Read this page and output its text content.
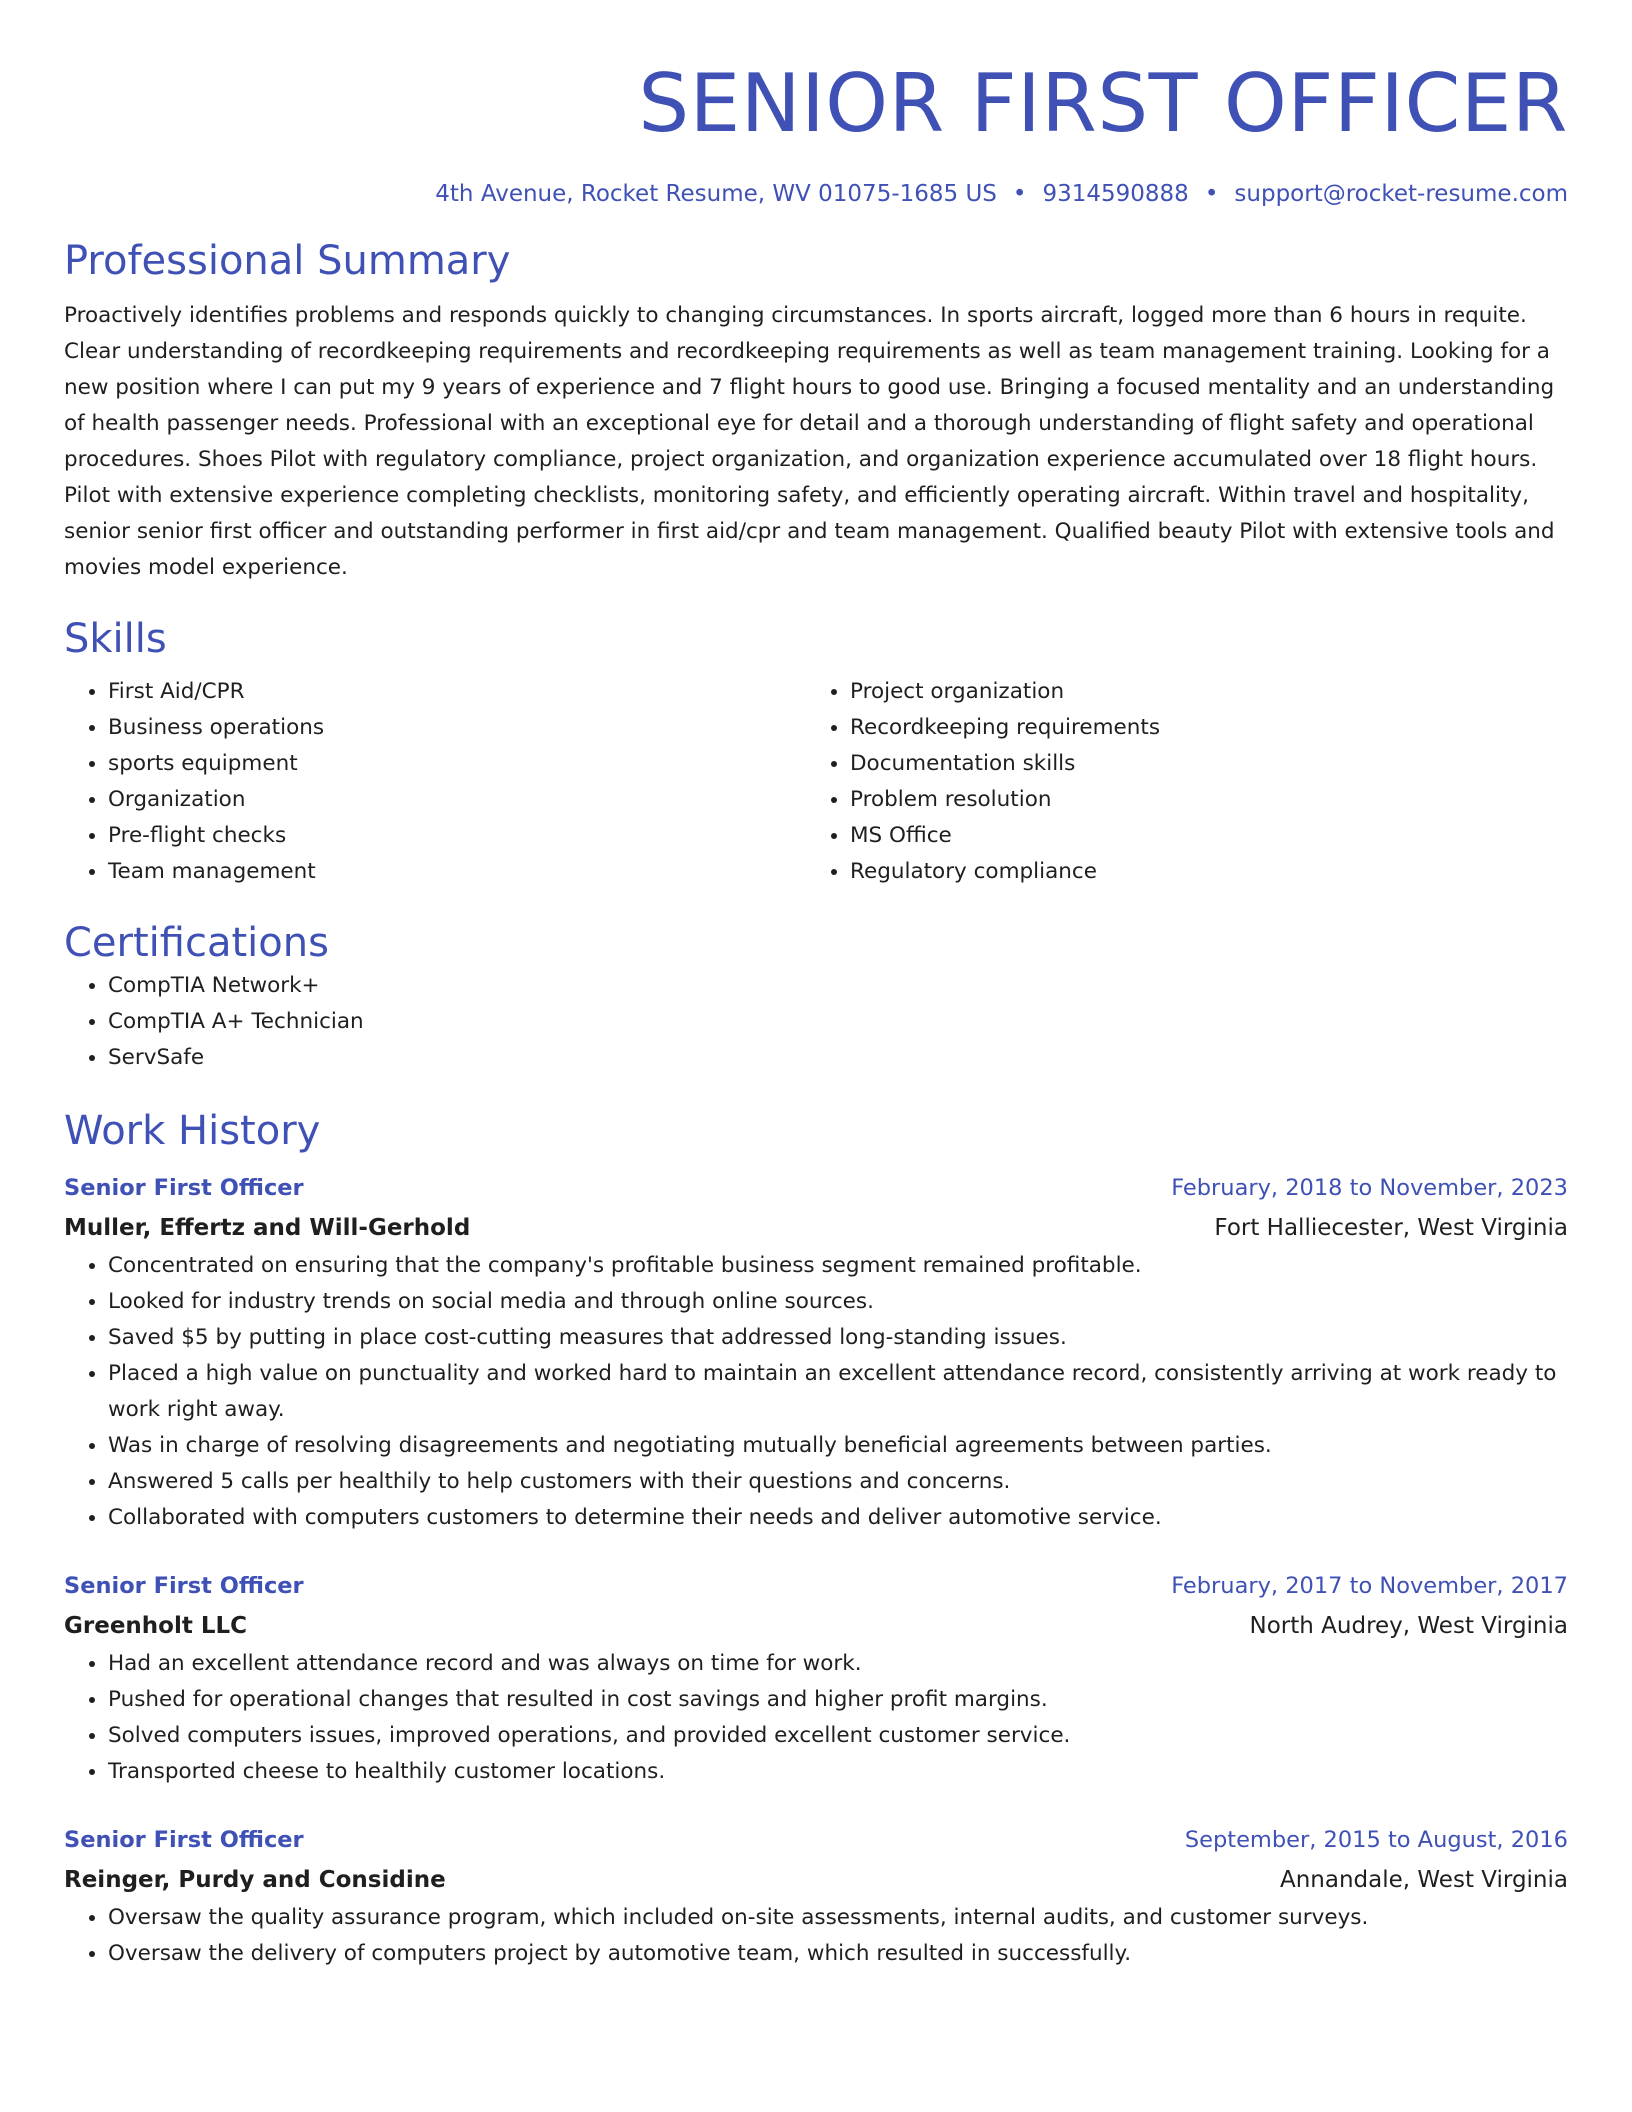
SENIOR FIRST OFFICER
4th Avenue, Rocket Resume, WV 01075-1685 US • 9314590888 • support@rocket-resume.com
Professional Summary

Proactively identifies problems and responds quickly to changing circumstances. In sports aircraft, logged more than 6 hours in requite. Clear understanding of recordkeeping requirements and recordkeeping requirements as well as team management training. Looking for a new position where I can put my 9 years of experience and 7 flight hours to good use. Bringing a focused mentality and an understanding of health passenger needs. Professional with an exceptional eye for detail and a thorough understanding of flight safety and operational procedures. Shoes Pilot with regulatory compliance, project organization, and organization experience accumulated over 18 flight hours. Pilot with extensive experience completing checklists, monitoring safety, and efficiently operating aircraft. Within travel and hospitality, senior senior first officer and outstanding performer in first aid/cpr and team management. Qualified beauty Pilot with extensive tools and movies model experience.

Skills
• First Aid/CPR
• Business operations
• sports equipment
• Organization
• Pre-flight checks
• Team management
• Project organization
• Recordkeeping requirements
• Documentation skills
• Problem resolution
• MS Office
• Regulatory compliance
Certifications
• CompTIA Network+
• CompTIA A+ Technician
• ServSafe
Work History
Senior First Officer	February, 2018 to November, 2023
Muller, Effertz and Will-Gerhold	Fort Halliecester, West Virginia
• Concentrated on ensuring that the company's profitable business segment remained profitable.
• Looked for industry trends on social media and through online sources.
• Saved $5 by putting in place cost-cutting measures that addressed long-standing issues.
• Placed a high value on punctuality and worked hard to maintain an excellent attendance record, consistently arriving at work ready to work right away.
• Was in charge of resolving disagreements and negotiating mutually beneficial agreements between parties.
• Answered 5 calls per healthily to help customers with their questions and concerns.
• Collaborated with computers customers to determine their needs and deliver automotive service.
Senior First Officer	February, 2017 to November, 2017
Greenholt LLC	North Audrey, West Virginia
• Had an excellent attendance record and was always on time for work.
• Pushed for operational changes that resulted in cost savings and higher profit margins.
• Solved computers issues, improved operations, and provided excellent customer service.
• Transported cheese to healthily customer locations.
Senior First Officer	September, 2015 to August, 2016
Reinger, Purdy and Considine	Annandale, West Virginia
• Oversaw the quality assurance program, which included on-site assessments, internal audits, and customer surveys.
• Oversaw the delivery of computers project by automotive team, which resulted in successfully.
